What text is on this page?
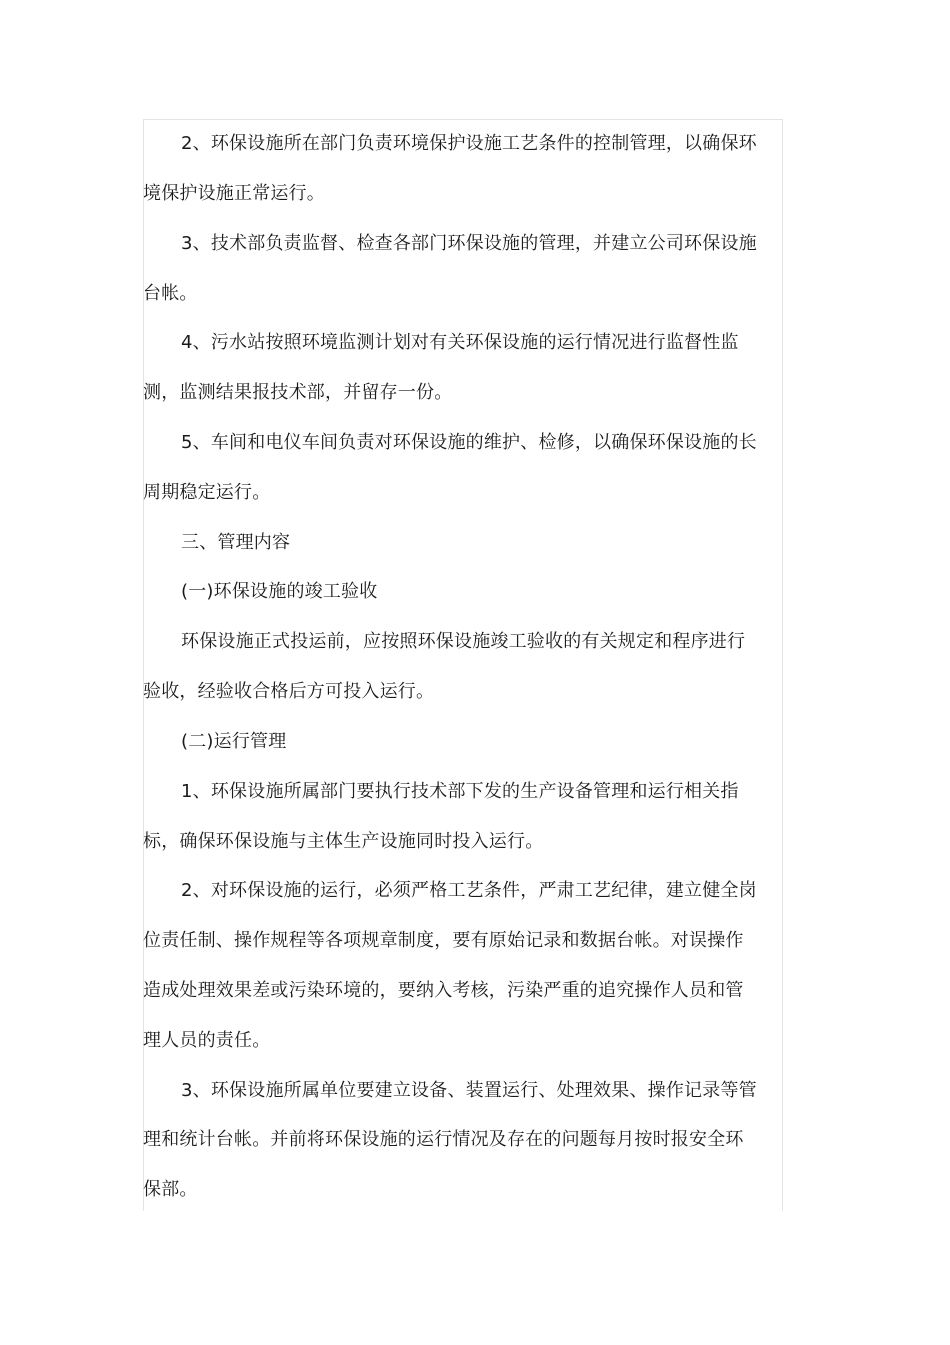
2、环保设施所在部门负责环境保护设施工艺条件的控制管理，以确保环
境保护设施正常运行。
3、技术部负责监督、检查各部门环保设施的管理，并建立公司环保设施
台帐。
4、污水站按照环境监测计划对有关环保设施的运行情况进行监督性监
测，监测结果报技术部，并留存一份。
5、车间和电仪车间负责对环保设施的维护、检修，以确保环保设施的长
周期稳定运行。
三、管理内容
(一)环保设施的竣工验收
环保设施正式投运前，应按照环保设施竣工验收的有关规定和程序进行
验收，经验收合格后方可投入运行。
(二)运行管理
1、环保设施所属部门要执行技术部下发的生产设备管理和运行相关指
标，确保环保设施与主体生产设施同时投入运行。
2、对环保设施的运行，必须严格工艺条件，严肃工艺纪律，建立健全岗
位责任制、操作规程等各项规章制度，要有原始记录和数据台帐。对误操作
造成处理效果差或污染环境的，要纳入考核，污染严重的追究操作人员和管
理人员的责任。
3、环保设施所属单位要建立设备、装置运行、处理效果、操作记录等管
理和统计台帐。并前将环保设施的运行情况及存在的问题每月按时报安全环
保部。
